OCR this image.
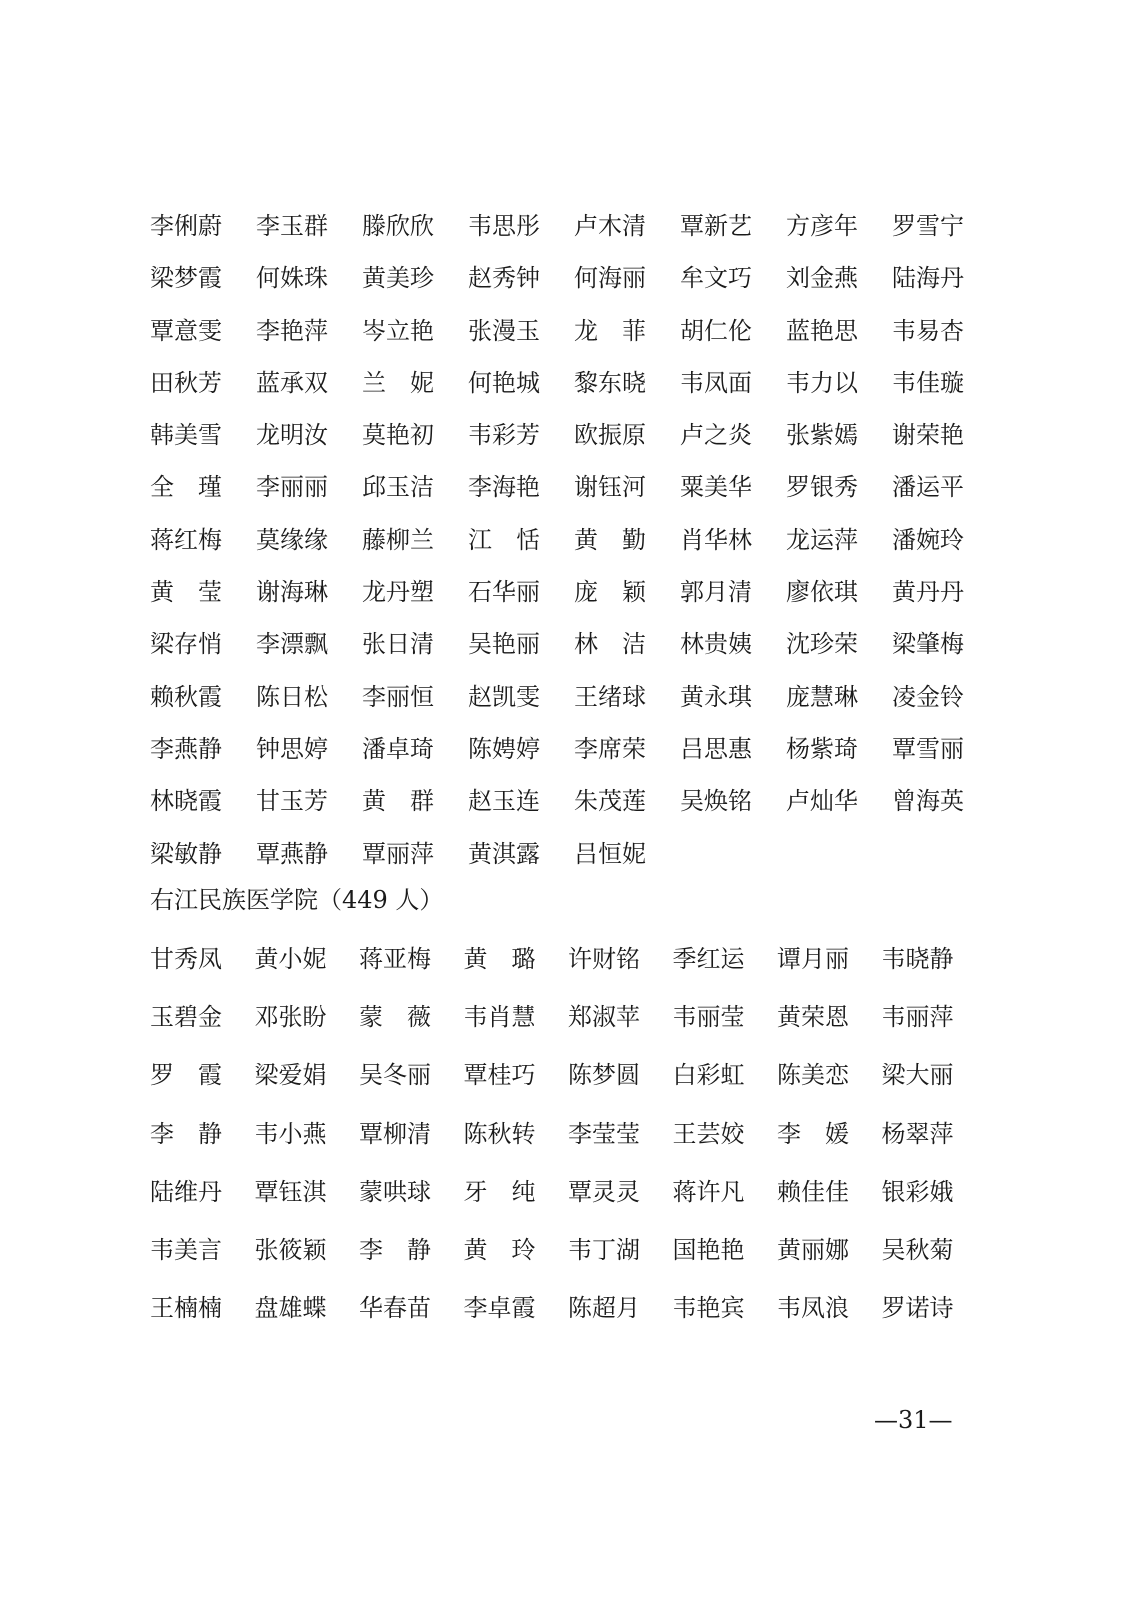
李俐蔚	李玉群	滕欣欣	韦思彤	卢木清	覃新艺	方彦年	罗雪宁
梁梦霞	何姝珠	黄美珍	赵秀钟	何海丽	牟文巧	刘金燕	陆海丹
覃意雯	李艳萍	岑立艳	张漫玉	龙　菲	胡仁伦	蓝艳思	韦易杏
田秋芳	蓝承双	兰　妮	何艳城	黎东晓	韦凤面	韦力以	韦佳璇
韩美雪	龙明汝	莫艳初	韦彩芳	欧振原	卢之炎	张紫嫣	谢荣艳
全　瑾	李丽丽	邱玉洁	李海艳	谢钰河	粟美华	罗银秀	潘运平
蒋红梅	莫缘缘	藤柳兰	江　恬	黄　勤	肖华林	龙运萍	潘婉玲
黄　莹	谢海琳	龙丹塑	石华丽	庞　颖	郭月清	廖依琪	黄丹丹
梁存悄	李漂飘	张日清	吴艳丽	林　洁	林贵姨	沈珍荣	梁肇梅
赖秋霞	陈日松	李丽恒	赵凯雯	王绪球	黄永琪	庞慧琳	凌金铃
李燕静	钟思婷	潘卓琦	陈娉婷	李席荣	吕思惠	杨紫琦	覃雪丽
林晓霞	甘玉芳	黄　群	赵玉连	朱茂莲	吴焕铭	卢灿华	曾海英
梁敏静	覃燕静	覃丽萍	黄淇露	吕恒妮
右江民族医学院（449 人）
甘秀凤	黄小妮	蒋亚梅	黄　璐	许财铭	季红运	谭月丽	韦晓静
玉碧金	邓张盼	蒙　薇	韦肖慧	郑淑苹	韦丽莹	黄荣恩	韦丽萍
罗　霞	梁爱娟	吴冬丽	覃桂巧	陈梦圆	白彩虹	陈美恋	梁大丽
李　静	韦小燕	覃柳清	陈秋转	李莹莹	王芸姣	李　媛	杨翠萍
陆维丹	覃钰淇	蒙哄球	牙　纯	覃灵灵	蒋许凡	赖佳佳	银彩娥
韦美言	张筱颖	李　静	黄　玲	韦丁湖	国艳艳	黄丽娜	吴秋菊
王楠楠	盘雄蝶	华春苗	李卓霞	陈超月	韦艳宾	韦凤浪	罗诺诗
—31—
